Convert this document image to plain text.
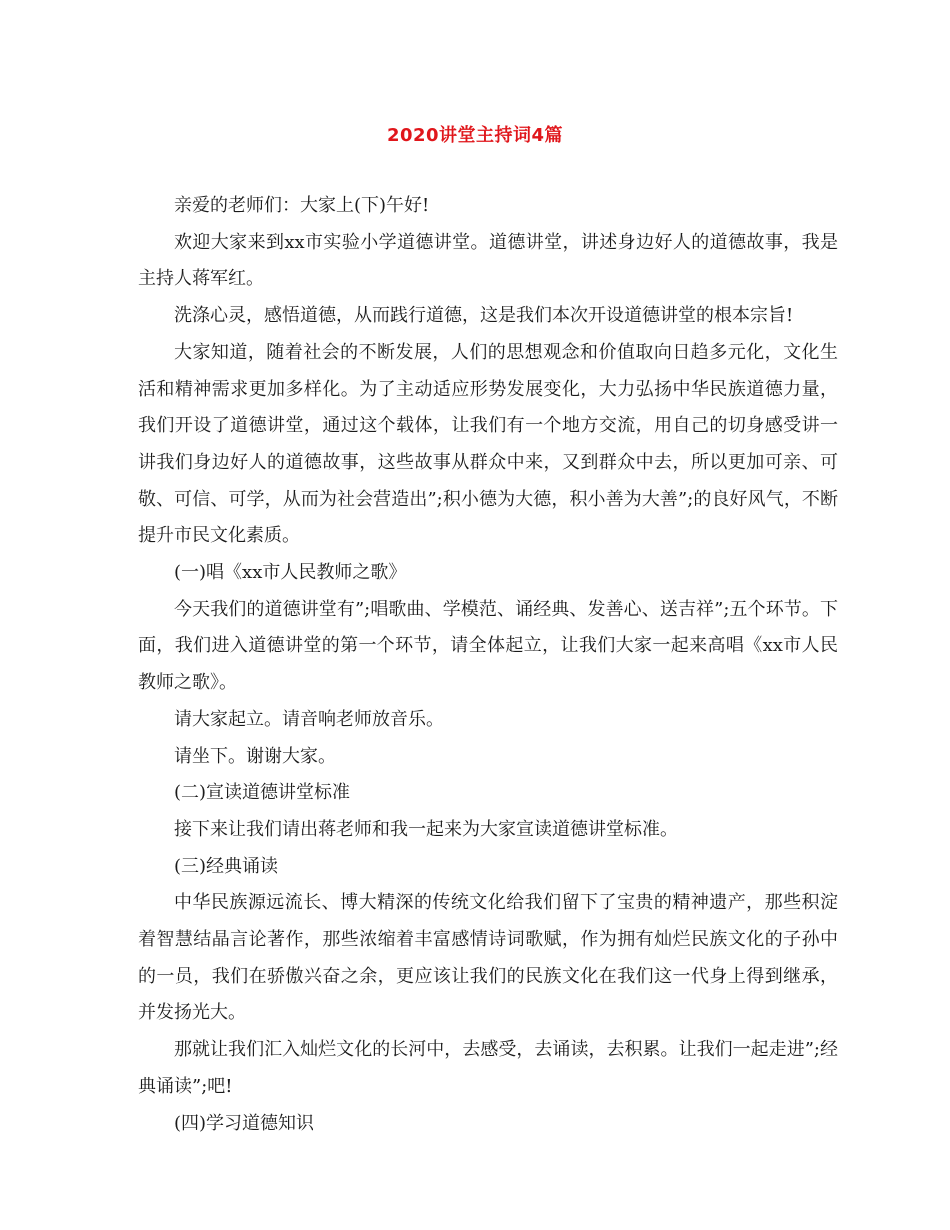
2020讲堂主持词4篇

亲爱的老师们：大家上(下)午好!

欢迎大家来到xx市实验小学道德讲堂。道德讲堂，讲述身边好人的道德故事，我是主持人蒋军红。

洗涤心灵，感悟道德，从而践行道德，这是我们本次开设道德讲堂的根本宗旨!

大家知道，随着社会的不断发展，人们的思想观念和价值取向日趋多元化，文化生活和精神需求更加多样化。为了主动适应形势发展变化，大力弘扬中华民族道德力量，我们开设了道德讲堂，通过这个载体，让我们有一个地方交流，用自己的切身感受讲一讲我们身边好人的道德故事，这些故事从群众中来，又到群众中去，所以更加可亲、可敬、可信、可学，从而为社会营造出”;积小德为大德，积小善为大善”;的良好风气，不断提升市民文化素质。

(一)唱《xx市人民教师之歌》

今天我们的道德讲堂有”;唱歌曲、学模范、诵经典、发善心、送吉祥”;五个环节。下面，我们进入道德讲堂的第一个环节，请全体起立，让我们大家一起来高唱《xx市人民教师之歌》。

请大家起立。请音响老师放音乐。

请坐下。谢谢大家。

(二)宣读道德讲堂标准

接下来让我们请出蒋老师和我一起来为大家宣读道德讲堂标准。

(三)经典诵读

中华民族源远流长、博大精深的传统文化给我们留下了宝贵的精神遗产，那些积淀着智慧结晶言论著作，那些浓缩着丰富感情诗词歌赋，作为拥有灿烂民族文化的子孙中的一员，我们在骄傲兴奋之余，更应该让我们的民族文化在我们这一代身上得到继承，并发扬光大。

那就让我们汇入灿烂文化的长河中，去感受，去诵读，去积累。让我们一起走进”;经典诵读”;吧!

(四)学习道德知识
